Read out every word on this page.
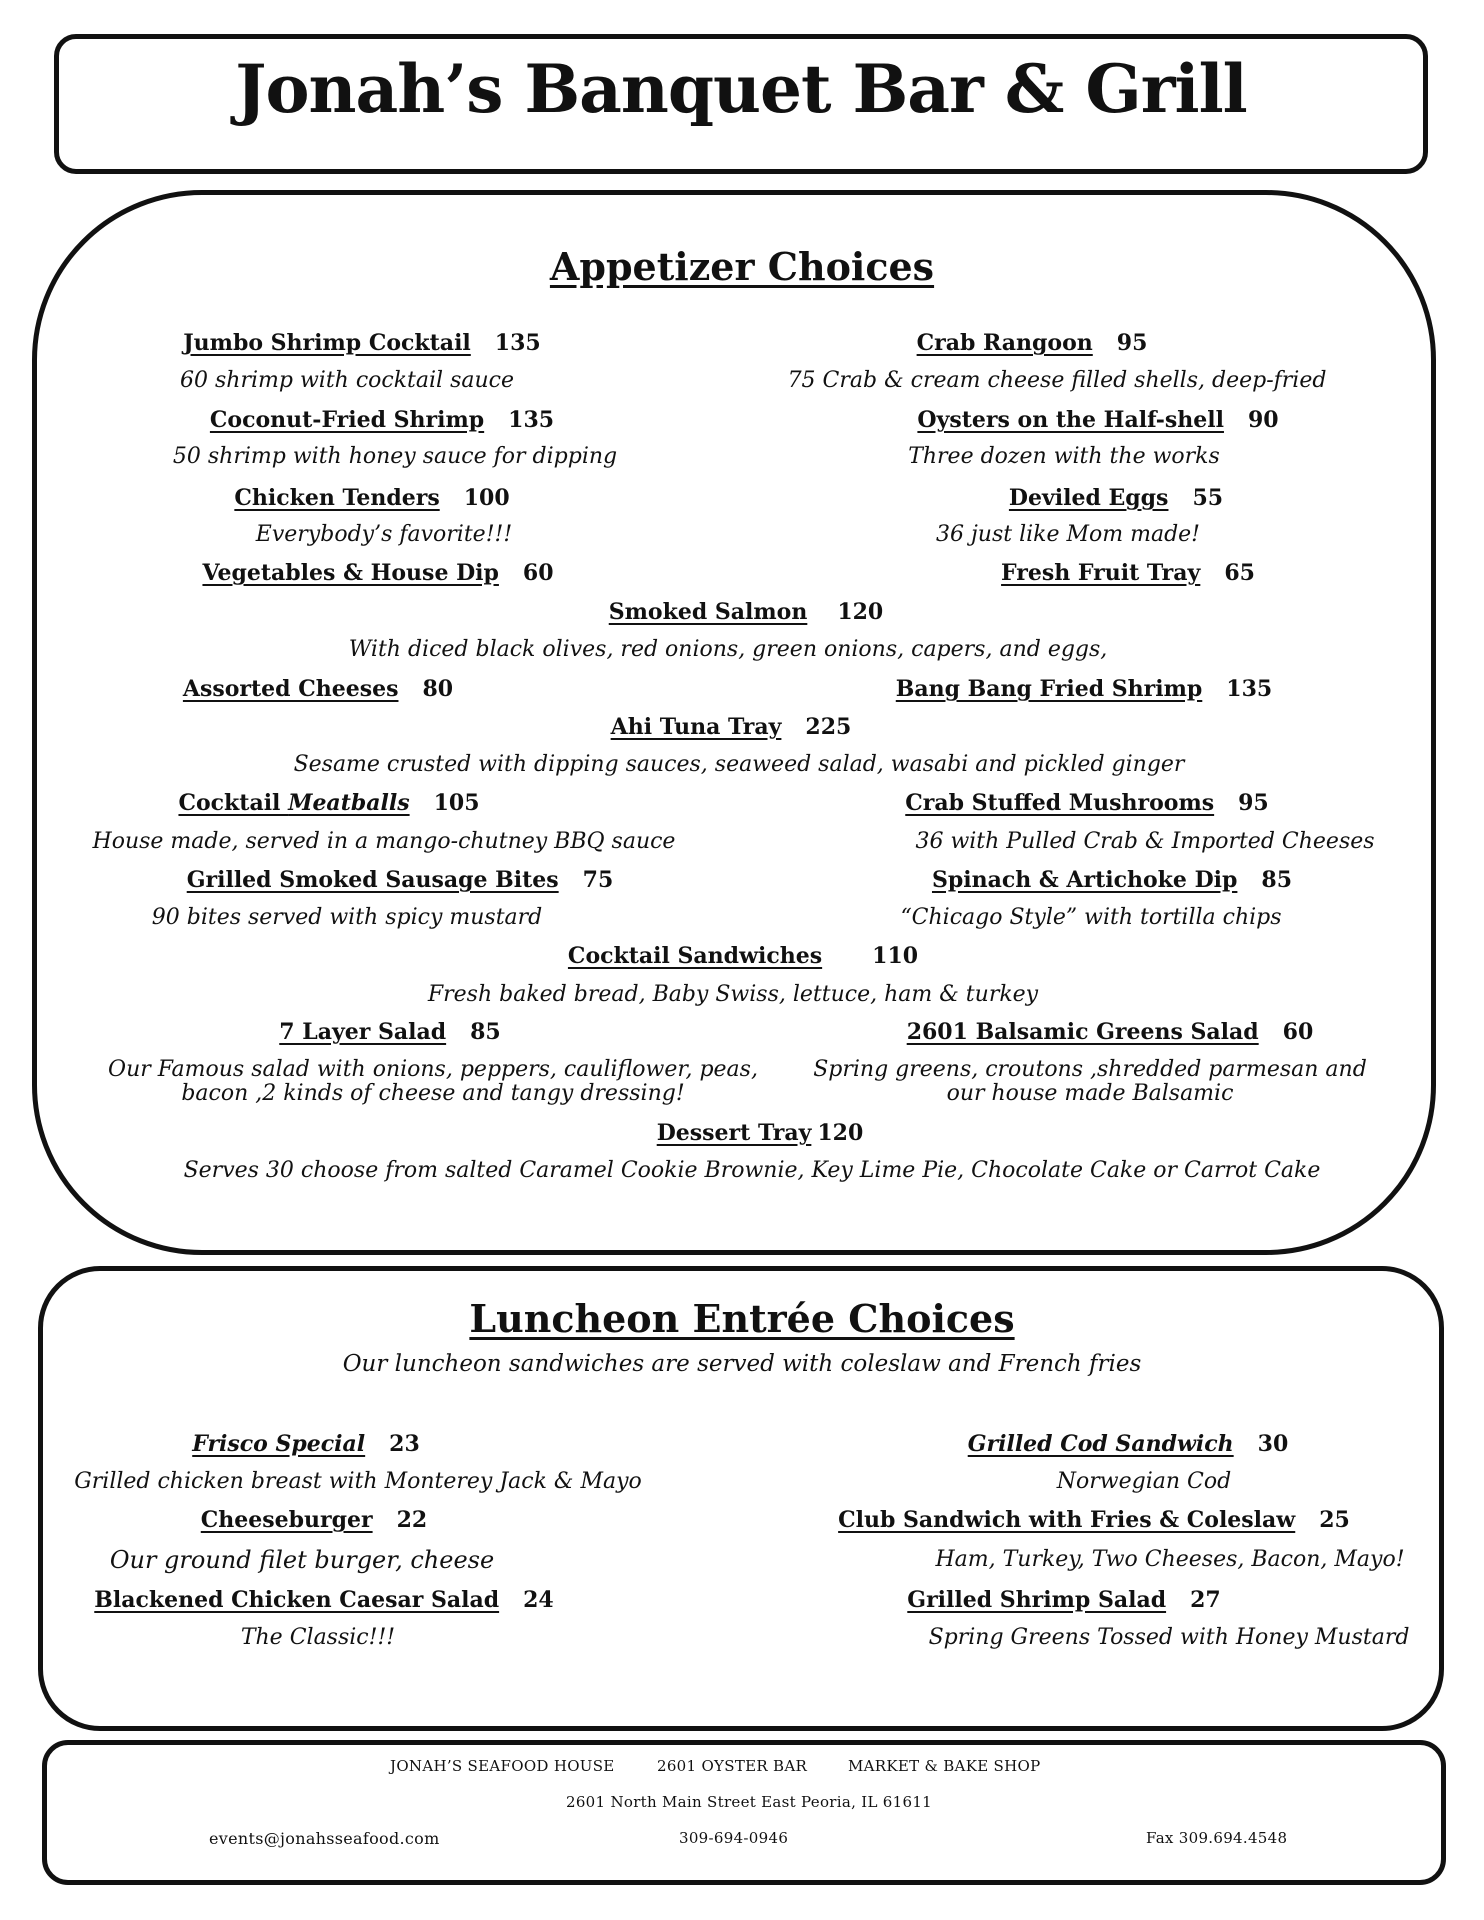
Jonah’s Banquet Bar & Grill
Appetizer Choices
Jumbo Shrimp Cocktail 135
60 shrimp with cocktail sauce
Crab Rangoon 95
75 Crab & cream cheese filled shells, deep-fried
Coconut-Fried Shrimp 135
50 shrimp with honey sauce for dipping
Oysters on the Half-shell 90
Three dozen with the works
Chicken Tenders 100
Everybody’s favorite!!!
Deviled Eggs 55
36 just like Mom made!
Vegetables & House Dip 60	Fresh Fruit Tray 65
Smoked Salmon 120
With diced black olives, red onions, green onions, capers, and eggs,
Assorted Cheeses 80	Bang Bang Fried Shrimp 135
Ahi Tuna Tray 225
Sesame crusted with dipping sauces, seaweed salad, wasabi and pickled ginger
Cocktail Meatballs 105
House made, served in a mango-chutney BBQ sauce
Crab Stuffed Mushrooms 95
36 with Pulled Crab & Imported Cheeses
Grilled Smoked Sausage Bites 75
90 bites served with spicy mustard
Spinach & Artichoke Dip 85
“Chicago Style” with tortilla chips
Cocktail Sandwiches 110
Fresh baked bread, Baby Swiss, lettuce, ham & turkey
7 Layer Salad 85
Our Famous salad with onions, peppers, cauliflower, peas, bacon ,2 kinds of cheese and tangy dressing!
2601 Balsamic Greens Salad 60
Spring greens, croutons ,shredded parmesan and our house made Balsamic
Dessert Tray 120
Serves 30 choose from salted Caramel Cookie Brownie, Key Lime Pie, Chocolate Cake or Carrot Cake
Luncheon Entrée Choices
Our luncheon sandwiches are served with coleslaw and French fries
Frisco Special 23
Grilled chicken breast with Monterey Jack & Mayo
Grilled Cod Sandwich 30
Norwegian Cod
Cheeseburger 22
Our ground filet burger, cheese
Club Sandwich with Fries & Coleslaw 25
Ham, Turkey, Two Cheeses, Bacon, Mayo!
Blackened Chicken Caesar Salad 24
The Classic!!!
Grilled Shrimp Salad 27
Spring Greens Tossed with Honey Mustard
JONAH’S SEAFOOD HOUSE	2601 OYSTER BAR	MARKET & BAKE SHOP
2601 North Main Street East Peoria, IL 61611
events@jonahsseafood.com	309-694-0946	Fax 309.694.4548
